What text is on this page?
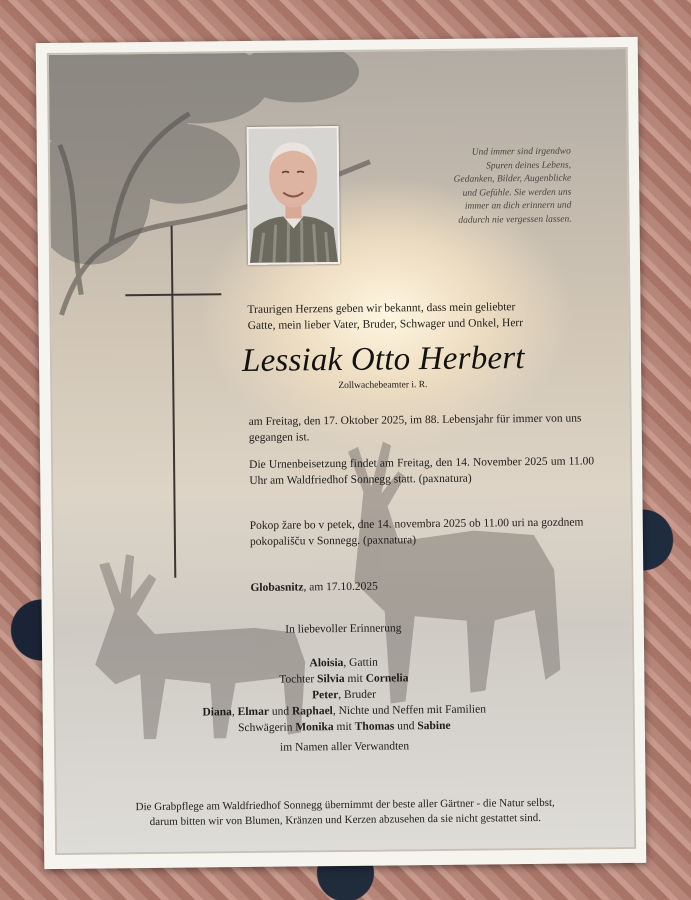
Und immer sind irgendwo
Spuren deines Lebens,
Gedanken, Bilder, Augenblicke
und Gefühle. Sie werden uns
immer an dich erinnern und
dadurch nie vergessen lassen.
Traurigen Herzens geben wir bekannt, dass mein geliebter
Gatte, mein lieber Vater, Bruder, Schwager und Onkel, Herr
Lessiak Otto Herbert
Zollwachebeamter i. R.
am Freitag, den 17. Oktober 2025, im 88. Lebensjahr für immer von uns gegangen ist.
Die Urnenbeisetzung findet am Freitag, den 14. November 2025 um 11.00 Uhr am Waldfriedhof Sonnegg statt. (paxnatura)
Pokop žare bo v petek, dne 14. novembra 2025 ob 11.00 uri na gozdnem pokopališču v Sonnegg. (paxnatura)
Globasnitz, am 17.10.2025
In liebevoller Erinnerung
Aloisia, Gattin
Tochter Silvia mit Cornelia
Peter, Bruder
Diana, Elmar und Raphael, Nichte und Neffen mit Familien
Schwägerin Monika mit Thomas und Sabine
im Namen aller Verwandten
Die Grabpflege am Waldfriedhof Sonnegg übernimmt der beste aller Gärtner - die Natur selbst,
darum bitten wir von Blumen, Kränzen und Kerzen abzusehen da sie nicht gestattet sind.
